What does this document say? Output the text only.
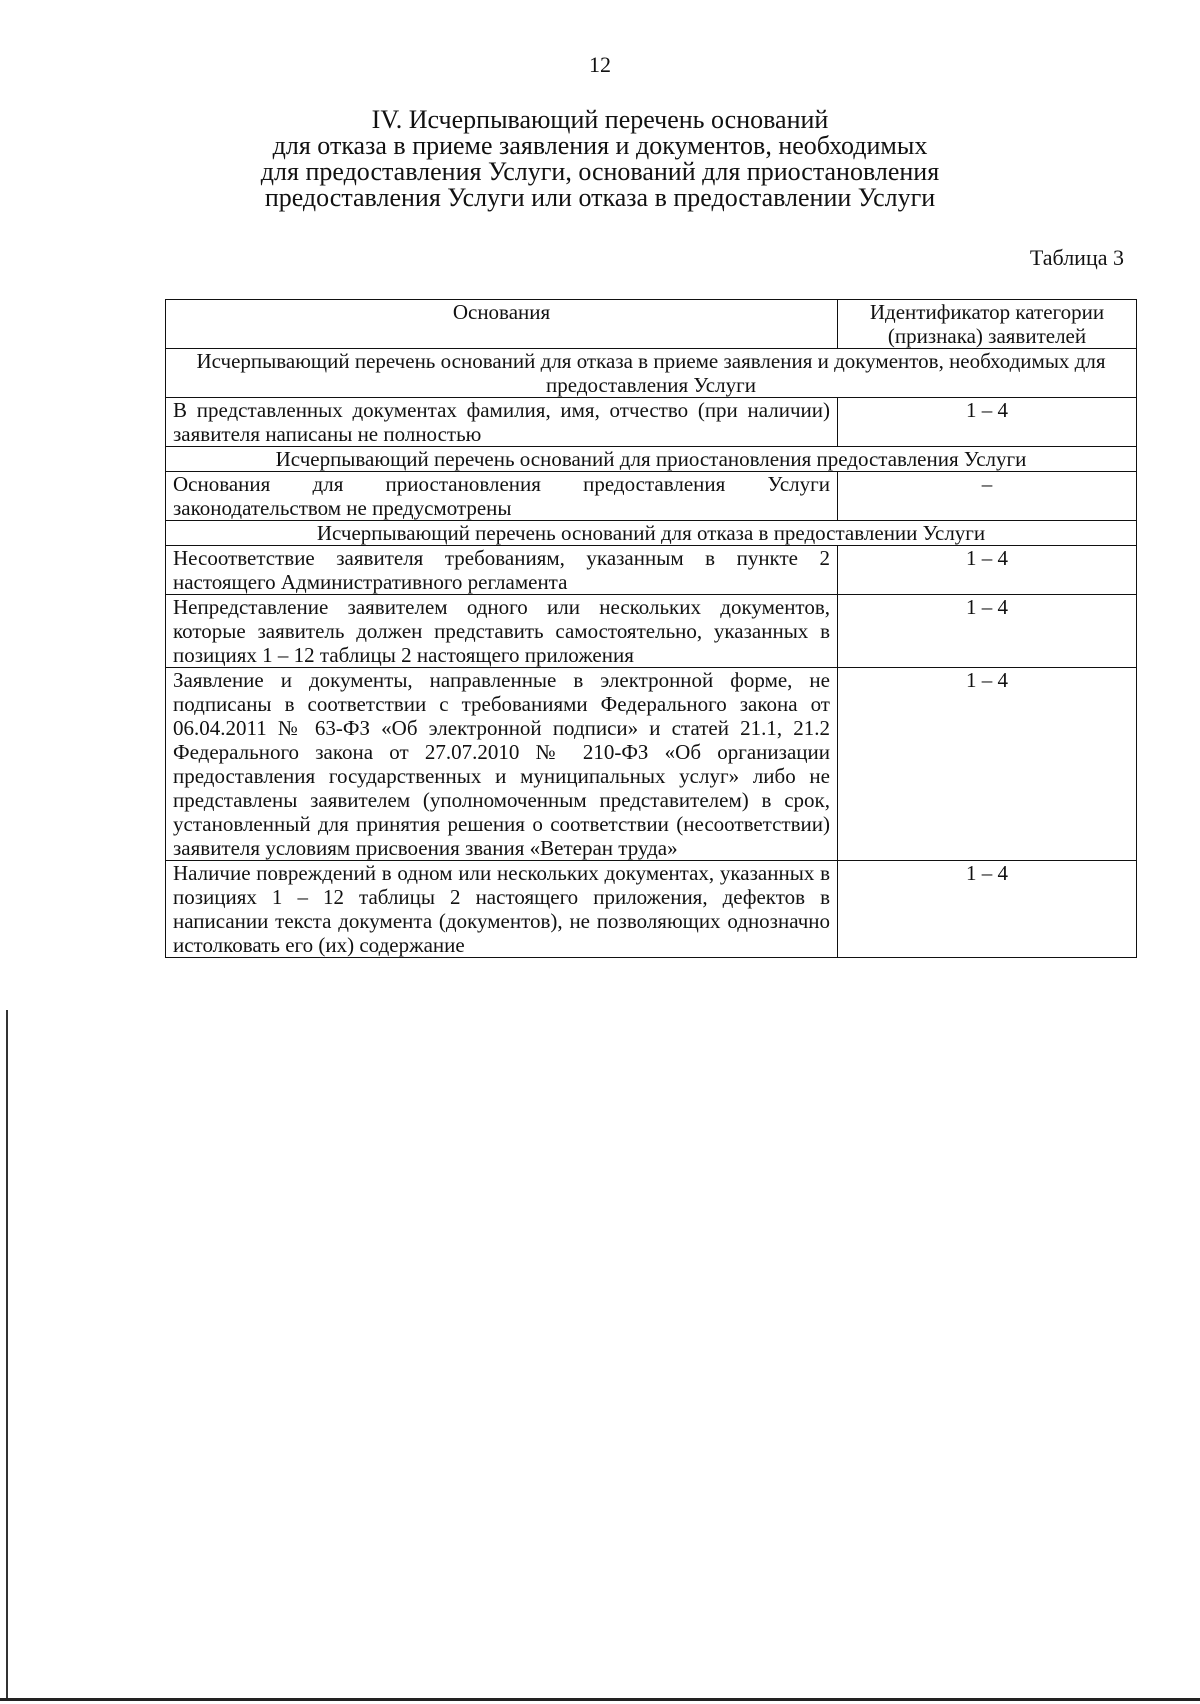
12
IV. Исчерпывающий перечень оснований
для отказа в приеме заявления и документов, необходимых
для предоставления Услуги, оснований для приостановления
предоставления Услуги или отказа в предоставлении Услуги
Таблица 3
Основания	Идентификатор категории (признака) заявителей
Исчерпывающий перечень оснований для отказа в приеме заявления и документов, необходимых для предоставления Услуги	
В представленных документах фамилия, имя, отчество (при наличии) заявителя написаны не полностью	1 – 4
Исчерпывающий перечень оснований для приостановления предоставления Услуги	
Основания для приостановления предоставления Услуги законодательством не предусмотрены	–
Исчерпывающий перечень оснований для отказа в предоставлении Услуги	
Несоответствие заявителя требованиям, указанным в пункте 2 настоящего Административного регламента	1 – 4
Непредставление заявителем одного или нескольких документов, которые заявитель должен представить самостоятельно, указанных в позициях 1 – 12 таблицы 2 настоящего приложения	1 – 4
Заявление и документы, направленные в электронной форме, не подписаны в соответствии с требованиями Федерального закона от 06.04.2011 № 63-ФЗ «Об электронной подписи» и статей 21.1, 21.2 Федерального закона от 27.07.2010 № 210-ФЗ «Об организации предоставления государственных и муниципальных услуг» либо не представлены заявителем (уполномоченным представителем) в срок, установленный для принятия решения о соответствии (несоответствии) заявителя условиям присвоения звания «Ветеран труда»	1 – 4
Наличие повреждений в одном или нескольких документах, указанных в позициях 1 – 12 таблицы 2 настоящего приложения, дефектов в написании текста документа (документов), не позволяющих однозначно истолковать его (их) содержание	1 – 4
